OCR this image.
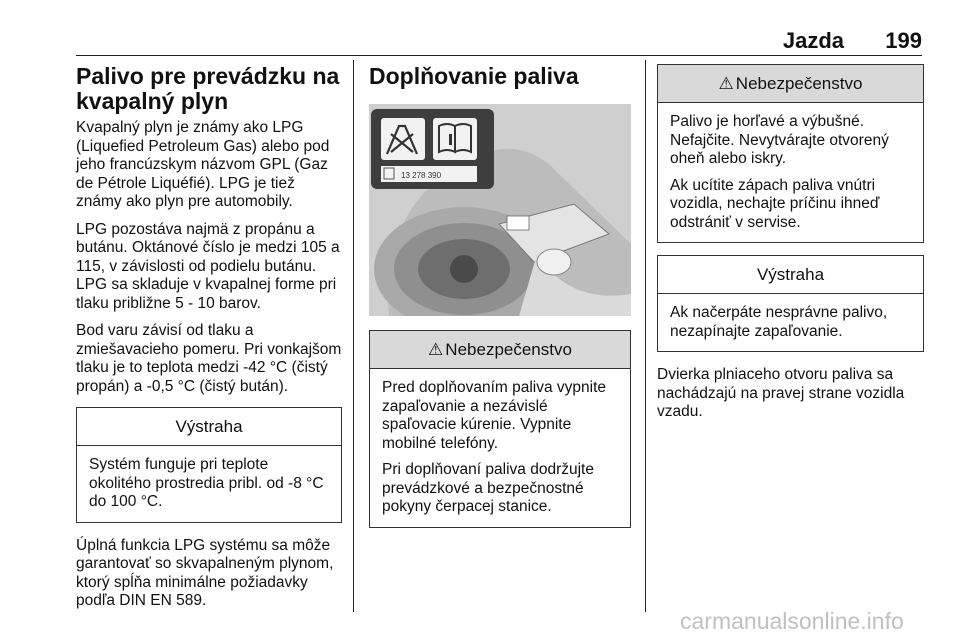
Jazda 199
Palivo pre prevádzku na kvapalný plyn

Kvapalný plyn je známy ako LPG (Liquefied Petroleum Gas) alebo pod jeho francúzskym názvom GPL (Gaz de Pétrole Liquéfié). LPG je tiež známy ako plyn pre automobily.

LPG pozostáva najmä z propánu a butánu. Oktánové číslo je medzi 105 a 115, v závislosti od podielu butánu. LPG sa skladuje v kvapalnej forme pri tlaku približne 5 - 10 barov.

Bod varu závisí od tlaku a zmiešavacieho pomeru. Pri vonkajšom tlaku je to teplota medzi -42 °C (čistý propán) a -0,5 °C (čistý bután).

Výstraha

Systém funguje pri teplote okolitého prostredia pribl. od -8 °C do 100 °C.

Úplná funkcia LPG systému sa môže garantovať so skvapalneným plynom, ktorý spĺňa minimálne požiadavky podľa DIN EN 589.

Doplňovanie paliva
13 278 390
⚠ Nebezpečenstvo

Pred doplňovaním paliva vypnite zapaľovanie a nezávislé spaľovacie kúrenie. Vypnite mobilné telefóny.

Pri doplňovaní paliva dodržujte prevádzkové a bezpečnostné pokyny čerpacej stanice.

⚠ Nebezpečenstvo

Palivo je horľavé a výbušné. Nefajčite. Nevytvárajte otvorený oheň alebo iskry.

Ak ucítite zápach paliva vnútri vozidla, nechajte príčinu ihneď odstrániť v servise.

Výstraha

Ak načerpáte nesprávne palivo, nezapínajte zapaľovanie.

Dvierka plniaceho otvoru paliva sa nachádzajú na pravej strane vozidla vzadu.

carmanualsonline.info
